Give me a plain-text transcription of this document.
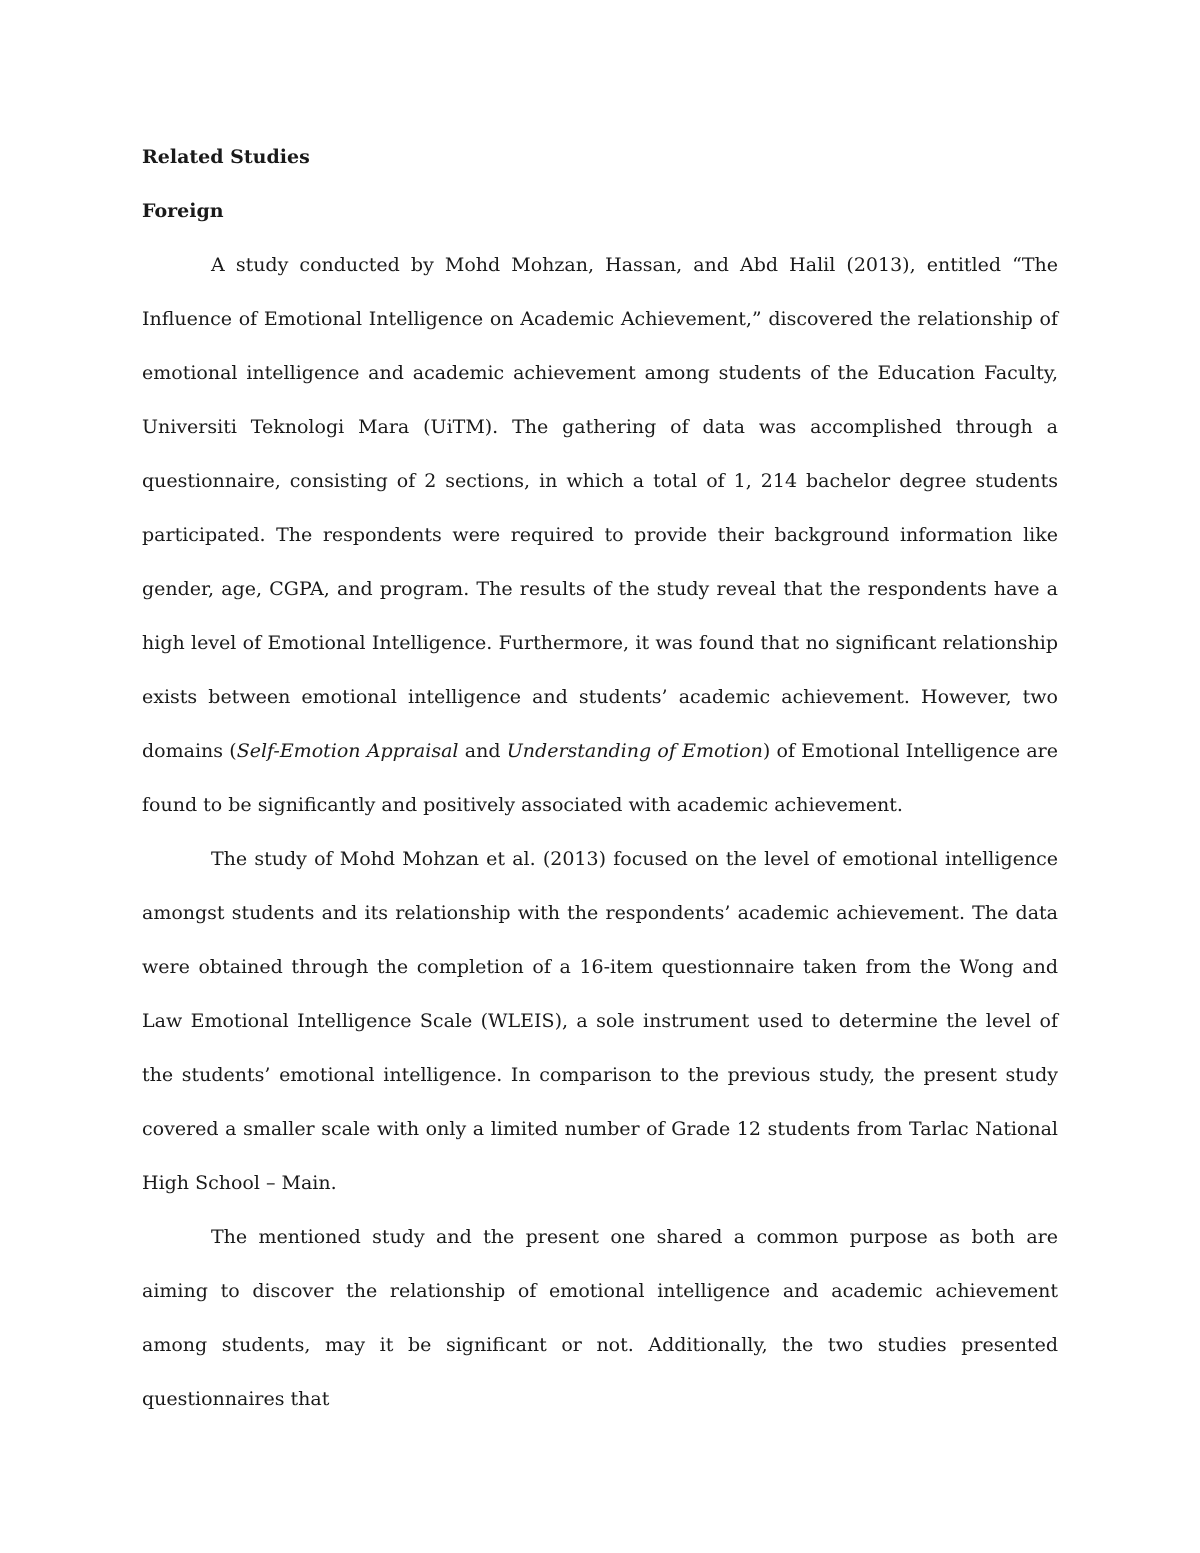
Related Studies

Foreign

A study conducted by Mohd Mohzan, Hassan, and Abd Halil (2013), entitled “The Influence of Emotional Intelligence on Academic Achievement,” discovered the relationship of emotional intelligence and academic achievement among students of the Education Faculty, Universiti Teknologi Mara (UiTM). The gathering of data was accomplished through a questionnaire, consisting of 2 sections, in which a total of 1, 214 bachelor degree students participated. The respondents were required to provide their background information like gender, age, CGPA, and program. The results of the study reveal that the respondents have a high level of Emotional Intelligence. Furthermore, it was found that no significant relationship exists between emotional intelligence and students’ academic achievement. However, two domains (Self-Emotion Appraisal and Understanding of Emotion) of Emotional Intelligence are found to be significantly and positively associated with academic achievement.

The study of Mohd Mohzan et al. (2013) focused on the level of emotional intelligence amongst students and its relationship with the respondents’ academic achievement. The data were obtained through the completion of a 16-item questionnaire taken from the Wong and Law Emotional Intelligence Scale (WLEIS), a sole instrument used to determine the level of the students’ emotional intelligence. In comparison to the previous study, the present study covered a smaller scale with only a limited number of Grade 12 students from Tarlac National High School – Main.

The mentioned study and the present one shared a common purpose as both are aiming to discover the relationship of emotional intelligence and academic achievement among students, may it be significant or not. Additionally, the two studies presented questionnaires that
